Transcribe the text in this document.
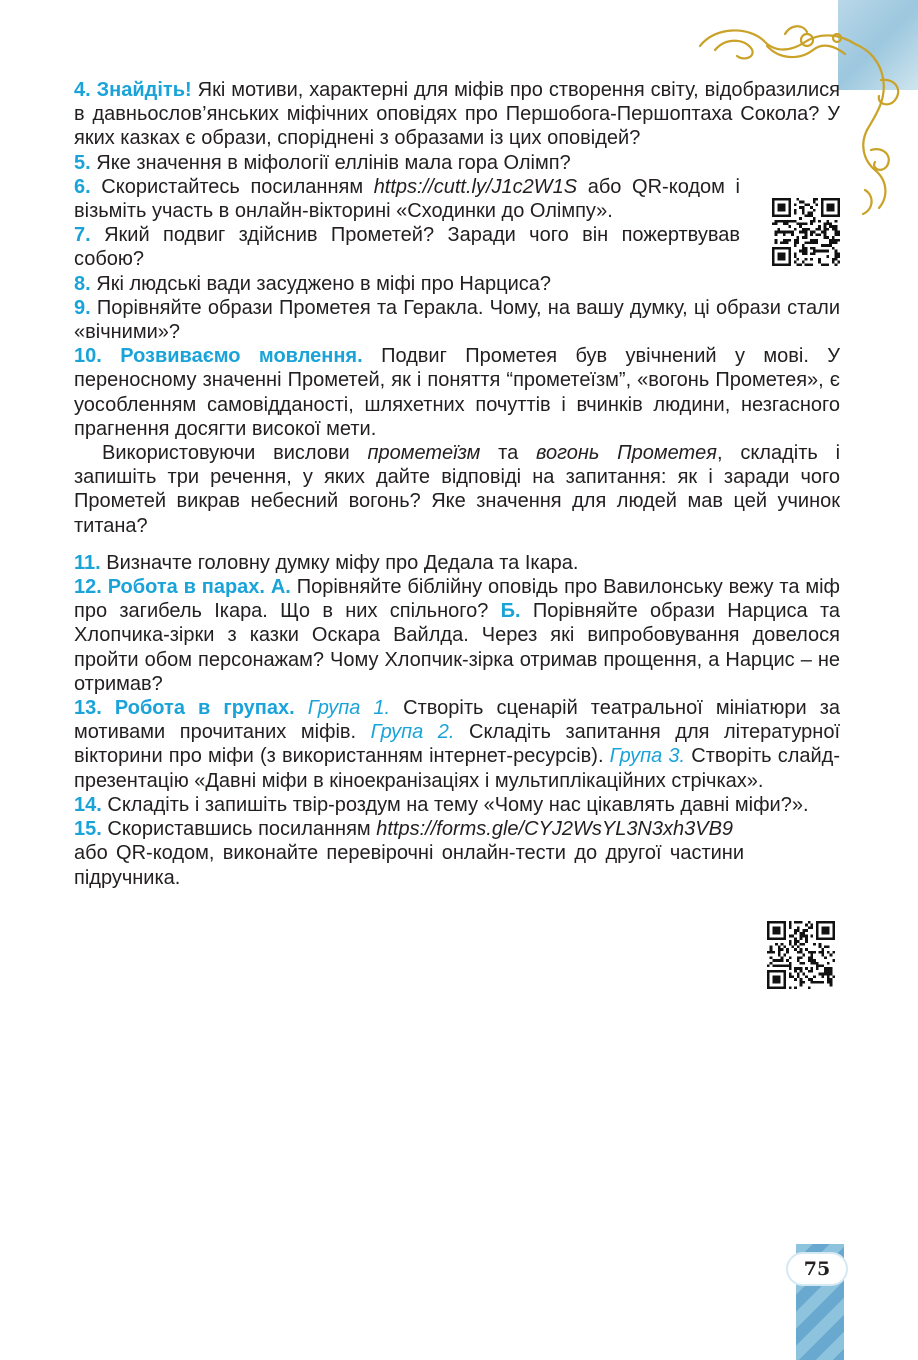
4. Знайдіть! Які мотиви, характерні для міфів про створення світу, відобразилися в давньослов’янських міфічних оповідях про Першобога-Першоптаха Сокола? У яких казках є образи, споріднені з образами із цих оповідей?

5. Яке значення в міфології еллінів мала гора Олімп?

6. Скористайтесь посиланням https://cutt.ly/J1c2W1S або QR-кодом і візьміть участь в онлайн-вікторині «Сходинки до Олімпу».

7. Який подвиг здійснив Прометей? Заради чого він пожертвував собою?

8. Які людські вади засуджено в міфі про Нарциса?

9. Порівняйте образи Прометея та Геракла. Чому, на вашу думку, ці образи стали «вічними»?

10. Розвиваємо мовлення. Подвиг Прометея був увічнений у мові. У переносному значенні Прометей, як і поняття “прометеїзм”, «вогонь Прометея», є уособленням самовідданості, шляхетних почуттів і вчинків людини, незгасного прагнення досягти високої мети.

Використовуючи вислови прометеїзм та вогонь Прометея, складіть і запишіть три речення, у яких дайте відповіді на запитання: як і заради чого Прометей викрав небесний вогонь? Яке значення для людей мав цей учинок титана?

11. Визначте головну думку міфу про Дедала та Ікара.

12. Робота в парах. А. Порівняйте біблійну оповідь про Вавилонську вежу та міф про загибель Ікара. Що в них спільного? Б. Порівняйте образи Нарциса та Хлопчика-зірки з казки Оскара Вайлда. Через які випробовування довелося пройти обом персонажам? Чому Хлопчик-зірка отримав прощення, а Нарцис – не отримав?

13. Робота в групах. Група 1. Створіть сценарій театральної мініатюри за мотивами прочитаних міфів. Група 2. Складіть запитання для літературної вікторини про міфи (з використанням інтернет-ресурсів). Група 3. Створіть слайд-презентацію «Давні міфи в кіноекранізаціях і мультиплікаційних стрічках».

14. Складіть і запишіть твір-роздум на тему «Чому нас цікавлять давні міфи?».

15. Скориставшись посиланням https://forms.gle/CYJ2WsYL3N3xh3VB9

або QR-кодом, виконайте перевірочні онлайн-тести до другої частини підручника.

75
